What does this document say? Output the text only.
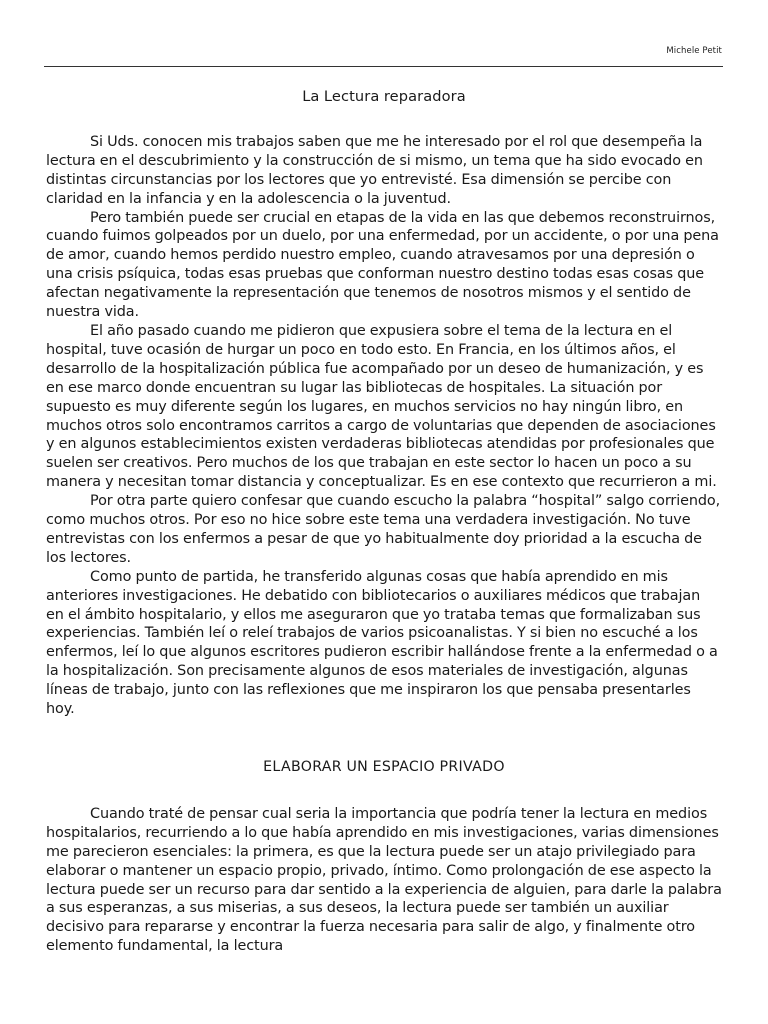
Michele Petit
La Lectura reparadora

Si Uds. conocen mis trabajos saben que me he interesado por el rol que desempeña la lectura en el descubrimiento y la construcción de si mismo, un tema que ha sido evocado en distintas circunstancias por los lectores que yo entrevisté. Esa dimensión se percibe con claridad en la infancia y en la adolescencia o la juventud.

Pero también puede ser crucial en etapas de la vida en las que debemos reconstruirnos, cuando fuimos golpeados por un duelo, por una enfermedad, por un accidente, o por una pena de amor, cuando hemos perdido nuestro empleo, cuando atravesamos por una depresión o una crisis psíquica, todas esas pruebas que conforman nuestro destino todas esas cosas que afectan negativamente la representación que tenemos de nosotros mismos y el sentido de nuestra vida.

El año pasado cuando me pidieron que expusiera sobre el tema de la lectura en el hospital, tuve ocasión de hurgar un poco en todo esto. En Francia, en los últimos años, el desarrollo de la hospitalización pública fue acompañado por un deseo de humanización, y es en ese marco donde encuentran su lugar las bibliotecas de hospitales. La situación por supuesto es muy diferente según los lugares, en muchos servicios no hay ningún libro, en muchos otros solo encontramos carritos a cargo de voluntarias que dependen de asociaciones y en algunos establecimientos existen verdaderas bibliotecas atendidas por profesionales que suelen ser creativos. Pero muchos de los que trabajan en este sector lo hacen un poco a su manera y necesitan tomar distancia y conceptualizar. Es en ese contexto que recurrieron a mi.

Por otra parte quiero confesar que cuando escucho la palabra “hospital” salgo corriendo, como muchos otros. Por eso no hice sobre este tema una verdadera investigación. No tuve entrevistas con los enfermos a pesar de que yo habitualmente doy prioridad a la escucha de los lectores.

Como punto de partida, he transferido algunas cosas que había aprendido en mis anteriores investigaciones. He debatido con bibliotecarios o auxiliares médicos que trabajan en el ámbito hospitalario, y ellos me aseguraron que yo trataba temas que formalizaban sus experiencias. También leí o releí trabajos de varios psicoanalistas. Y si bien no escuché a los enfermos, leí lo que algunos escritores pudieron escribir hallándose frente a la enfermedad o a la hospitalización. Son precisamente algunos de esos materiales de investigación, algunas líneas de trabajo, junto con las reflexiones que me inspiraron los que pensaba presentarles hoy.

ELABORAR UN ESPACIO PRIVADO

Cuando traté de pensar cual seria la importancia que podría tener la lectura en medios hospitalarios, recurriendo a lo que había aprendido en mis investigaciones, varias dimensiones me parecieron esenciales: la primera, es que la lectura puede ser un atajo privilegiado para elaborar o mantener un espacio propio, privado, íntimo. Como prolongación de ese aspecto la lectura puede ser un recurso para dar sentido a la experiencia de alguien, para darle la palabra a sus esperanzas, a sus miserias, a sus deseos, la lectura puede ser también un auxiliar decisivo para repararse y encontrar la fuerza necesaria para salir de algo, y finalmente otro elemento fundamental, la lectura
